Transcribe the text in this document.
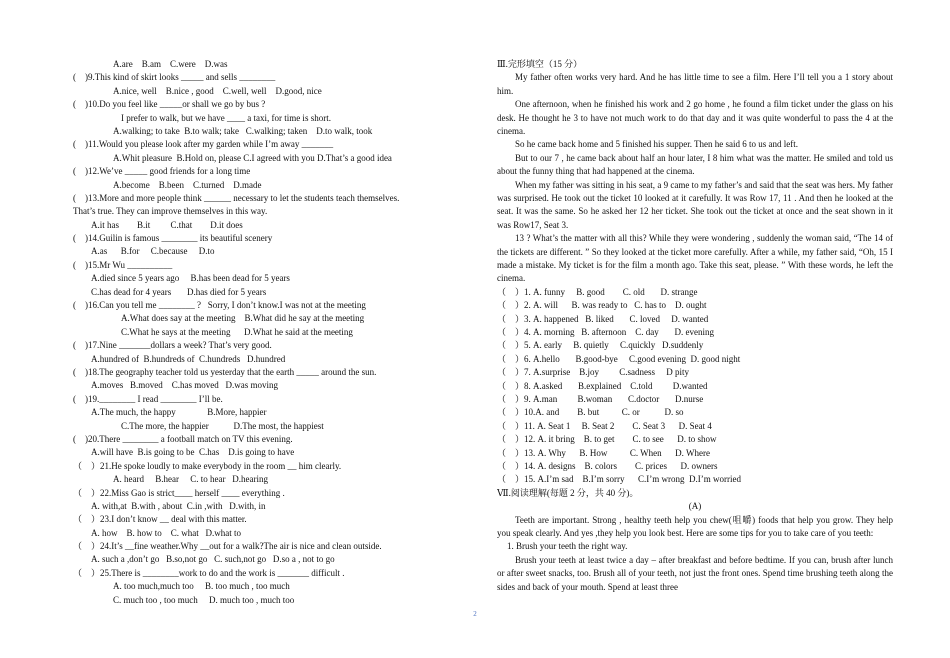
A.are    B.am    C.were    D.was
(    )9.This kind of skirt looks _____ and sells ________
A.nice, well    B.nice , good    C.well, well    D.good, nice
(    )10.Do you feel like _____or shall we go by bus ?
I prefer to walk, but we have ____ a taxi, for time is short.
A.walking; to take  B.to walk; take   C.walking; taken    D.to walk, took
(    )11.Would you please look after my garden while I’m away _______
A.Whit pleasure  B.Hold on, please C.I agreed with you D.That’s a good idea
(    )12.We’ve _____ good friends for a long time
A.become    B.been    C.turned    D.made
(    )13.More and more people think ______ necessary to let the students teach themselves.
That’s true. They can improve themselves in this way.
A.it has        B.it         C.that        D.it does
(    )14.Guilin is famous ________ its beautiful scenery
A.as      B.for     C.because     D.to
(    )15.Mr Wu __________
A.died since 5 years ago     B.has been dead for 5 years
C.has dead for 4 years       D.has died for 5 years
(    )16.Can you tell me ________ ?   Sorry, I don’t know.I was not at the meeting
A.What does say at the meeting    B.What did he say at the meeting
C.What he says at the meeting      D.What he said at the meeting
(    )17.Nine _______dollars a week? That’s very good.
A.hundred of  B.hundreds of  C.hundreds   D.hundred
(    )18.The geography teacher told us yesterday that the earth _____ around the sun.
A.moves   B.moved    C.has moved   D.was moving
(    )19.________ I read ________ I’ll be.
A.The much, the happy              B.More, happier
C.The more, the happier           D.The most, the happiest
(    )20.There ________ a football match on TV this evening.
A.will have  B.is going to be  C.has    D.is going to have
（    ）21.He spoke loudly to make everybody in the room __ him clearly.
A. heard     B.hear     C. to hear   D.hearing
（    ）22.Miss Gao is strict____ herself ____ everything .
A. with,at  B.with , about  C.in ,with   D.with, in
（    ）23.I don’t know __ deal with this matter.
A. how    B. how to    C. what   D.what to
（    ）24.It’s __fine weather.Why __out for a walk?The air is nice and clean outside.
A. such a ,don’t go   B.so,not go   C. such,not go   D.so a , not to go
（    ）25.There is ________work to do and the work is _______ difficult .
A. too much,much too     B. too much , too much
C. much too , too much     D. much too , much too
Ⅲ.完形填空（15 分）

My father often works very hard. And he has little time to see a film. Here I’ll tell you a 1 story about him.

One afternoon, when he finished his work and 2 go home , he found a film ticket under the glass on his desk. He thought he 3 to have not much work to do that day and it was quite wonderful to pass the 4 at the cinema.

So he came back home and 5 finished his supper. Then he said 6 to us and left.

But to our 7 , he came back about half an hour later, I 8 him what was the matter. He smiled and told us about the funny thing that had happened at the cinema.

When my father was sitting in his seat, a 9 came to my father’s and said that the seat was hers. My father was surprised. He took out the ticket 10 looked at it carefully. It was Row 17, 11 . And then he looked at the seat. It was the same. So he asked her 12 her ticket. She took out the ticket at once and the seat shown in it was Row17, Seat 3.

13 ? What’s the matter with all this? While they were wondering , suddenly the woman said, “The 14 of the tickets are different. ” So they looked at the ticket more carefully. After a while, my father said, “Oh, 15 I made a mistake. My ticket is for the film a month ago. Take this seat, please. ” With these words, he left the cinema.

（    ）1. A. funny     B. good        C. old       D. strange
（    ）2. A. will      B. was ready to   C. has to    D. ought
（    ）3. A. happened   B. liked       C. loved     D. wanted
（    ）4. A. morning   B. afternoon    C. day       D. evening
（    ）5. A. early     B. quietly     C.quickly   D.suddenly
（    ）6. A.hello       B.good-bye     C.good evening  D. good night
（    ）7. A.surprise    B.joy         C.sadness     D pity
（    ）8. A.asked       B.explained    C.told         D.wanted
（    ）9. A.man         B.woman       C.doctor       D.nurse
（    ）10.A. and        B. but          C. or           D. so
（    ）11. A. Seat 1     B. Seat 2        C. Seat 3      D. Seat 4
（    ）12. A. it bring    B. to get        C. to see      D. to show
（    ）13. A. Why      B. How          C. When      D. Where
（    ）14. A. designs    B. colors        C. prices      D. owners
（    ）15. A.I’m sad    B.I’m sorry      C.I’m wrong  D.I’m worried
Ⅶ.阅读理解(每题 2 分，共 40 分)。
(A)

Teeth are important. Strong , healthy teeth help you chew(咀嚼) foods that help you grow. They help you speak clearly. And yes ,they help you look best. Here are some tips for you to take care of you teeth:

1. Brush your teeth the right way.

Brush your teeth at least twice a day – after breakfast and before bedtime. If you can, brush after lunch or after sweet snacks, too. Brush all of your teeth, not just the front ones. Spend time brushing teeth along the sides and back of your mouth. Spend at least three

2
